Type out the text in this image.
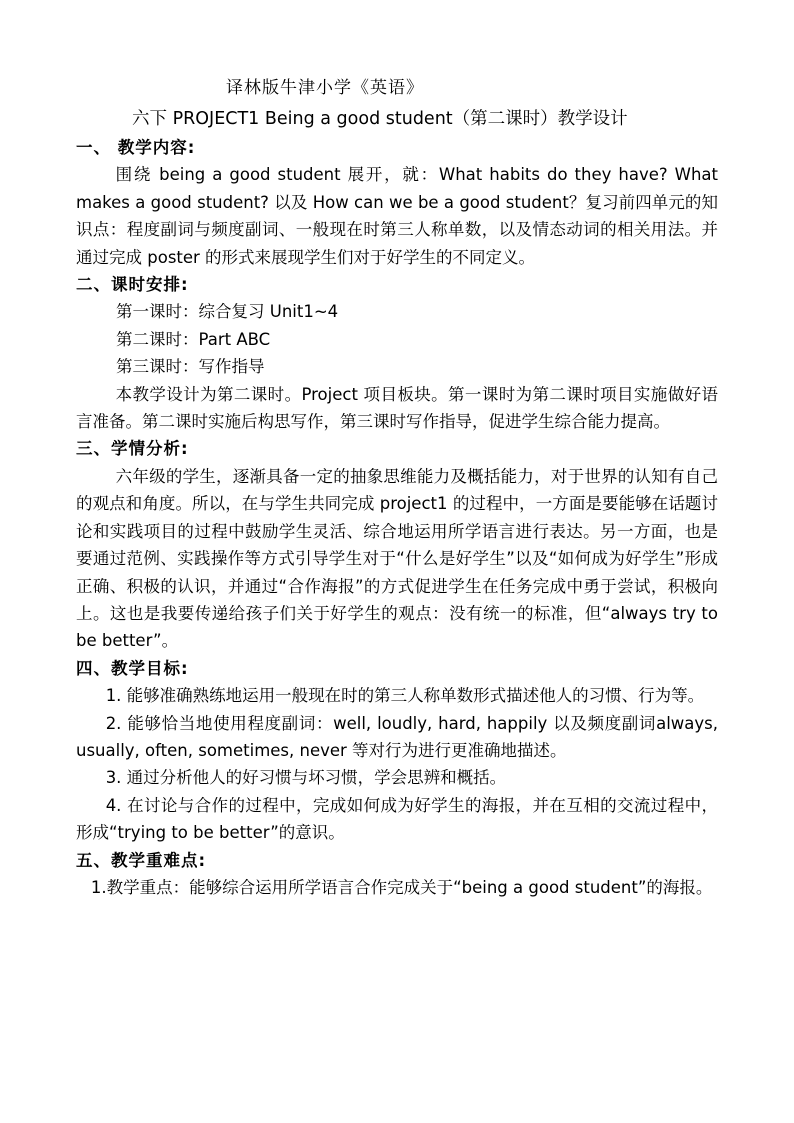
译林版牛津小学《英语》
六下 PROJECT1 Being a good student（第二课时）教学设计

一、 教学内容:

围绕 being a good student 展开，就：What habits do they have? What makes a good student? 以及 How can we be a good student？复习前四单元的知识点：程度副词与频度副词、一般现在时第三人称单数，以及情态动词的相关用法。并通过完成 poster 的形式来展现学生们对于好学生的不同定义。

二、课时安排:

第一课时：综合复习 Unit1~4

第二课时：Part ABC

第三课时：写作指导

本教学设计为第二课时。Project 项目板块。第一课时为第二课时项目实施做好语言准备。第二课时实施后构思写作，第三课时写作指导，促进学生综合能力提高。

三、学情分析:

六年级的学生，逐渐具备一定的抽象思维能力及概括能力，对于世界的认知有自己的观点和角度。所以，在与学生共同完成 project1 的过程中，一方面是要能够在话题讨论和实践项目的过程中鼓励学生灵活、综合地运用所学语言进行表达。另一方面，也是要通过范例、实践操作等方式引导学生对于“什么是好学生”以及“如何成为好学生”形成正确、积极的认识，并通过“合作海报”的方式促进学生在任务完成中勇于尝试，积极向上。这也是我要传递给孩子们关于好学生的观点：没有统一的标准，但“always try to be better”。

四、教学目标:

1. 能够准确熟练地运用一般现在时的第三人称单数形式描述他人的习惯、行为等。

2. 能够恰当地使用程度副词：well, loudly, hard, happily 以及频度副词always, usually, often, sometimes, never 等对行为进行更准确地描述。

3. 通过分析他人的好习惯与坏习惯，学会思辨和概括。

4. 在讨论与合作的过程中，完成如何成为好学生的海报，并在互相的交流过程中，形成“trying to be better”的意识。

五、教学重难点:

1.教学重点：能够综合运用所学语言合作完成关于“being a good student”的海报。
